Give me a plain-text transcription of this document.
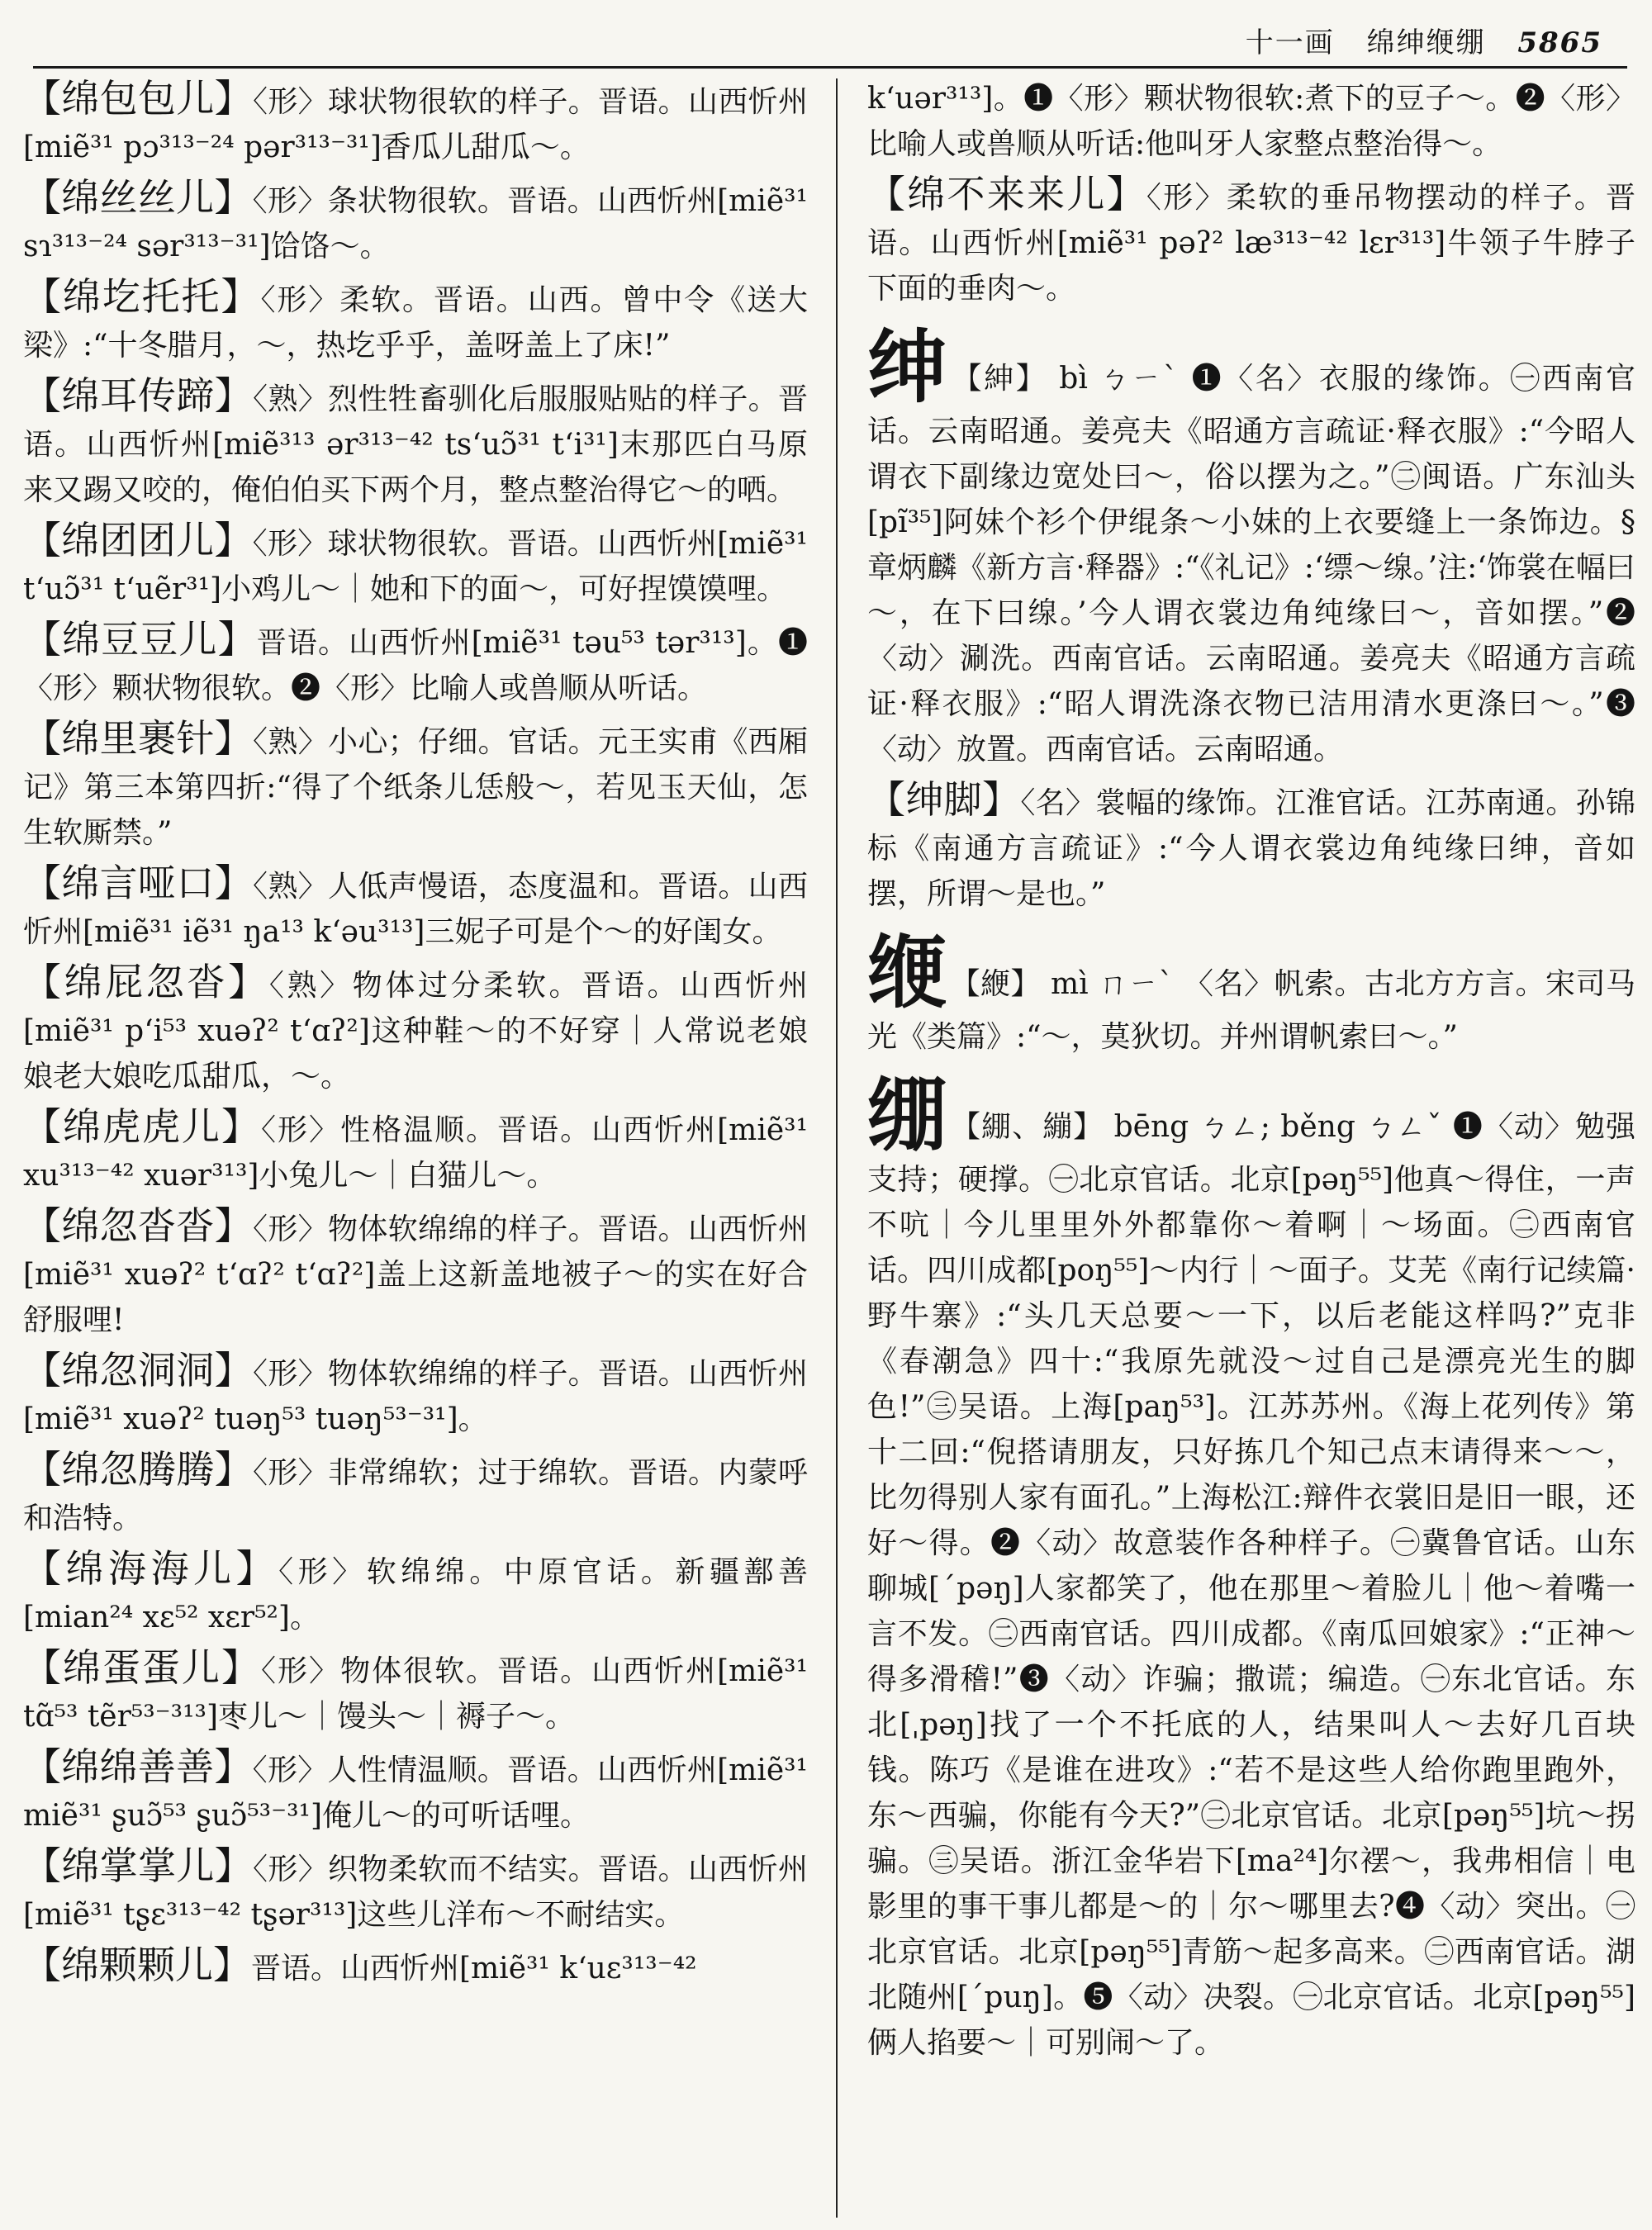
十一画 绵绅缏绷 5865

【绵包包儿】〈形〉球状物很软的样子。晋语。山西忻州[miẽ³¹ pɔ³¹³⁻²⁴ pər³¹³⁻³¹]香瓜儿甜瓜～。

【绵丝丝儿】〈形〉条状物很软。晋语。山西忻州[miẽ³¹ sɿ³¹³⁻²⁴ sər³¹³⁻³¹]饸饹～。

【绵圪托托】〈形〉柔软。晋语。山西。曾中令《送大梁》:“十冬腊月，～，热圪乎乎，盖呀盖上了床!”

【绵耳传蹄】〈熟〉烈性牲畜驯化后服服贴贴的样子。晋语。山西忻州[miẽ³¹³ ər³¹³⁻⁴² tsʻuɔ̃³¹ tʻi³¹]末那匹白马原来又踢又咬的，俺伯伯买下两个月，整点整治得它～的哂。

【绵团团儿】〈形〉球状物很软。晋语。山西忻州[miẽ³¹ tʻuɔ̃³¹ tʻuẽr³¹]小鸡儿～｜她和下的面～，可好捏馍馍哩。

【绵豆豆儿】晋语。山西忻州[miẽ³¹ təu⁵³ tər³¹³]。❶〈形〉颗状物很软。❷〈形〉比喻人或兽顺从听话。

【绵里裹针】〈熟〉小心；仔细。官话。元王实甫《西厢记》第三本第四折:“得了个纸条儿恁般～，若见玉天仙，怎生软厮禁。”

【绵言哑口】〈熟〉人低声慢语，态度温和。晋语。山西忻州[miẽ³¹ iẽ³¹ ŋa¹³ kʻəu³¹³]三妮子可是个～的好闺女。

【绵屁忽沓】〈熟〉物体过分柔软。晋语。山西忻州[miẽ³¹ pʻi⁵³ xuəʔ² tʻɑʔ²]这种鞋～的不好穿｜人常说老娘娘老大娘吃瓜甜瓜，～。

【绵虎虎儿】〈形〉性格温顺。晋语。山西忻州[miẽ³¹ xu³¹³⁻⁴² xuər³¹³]小兔儿～｜白猫儿～。

【绵忽沓沓】〈形〉物体软绵绵的样子。晋语。山西忻州[miẽ³¹ xuəʔ² tʻɑʔ² tʻɑʔ²]盖上这新盖地被子～的实在好合舒服哩!

【绵忽洞洞】〈形〉物体软绵绵的样子。晋语。山西忻州[miẽ³¹ xuəʔ² tuəŋ⁵³ tuəŋ⁵³⁻³¹]。

【绵忽腾腾】〈形〉非常绵软；过于绵软。晋语。内蒙呼和浩特。

【绵海海儿】〈形〉软绵绵。中原官话。新疆鄯善[mian²⁴ xɛ⁵² xɛr⁵²]。

【绵蛋蛋儿】〈形〉物体很软。晋语。山西忻州[miẽ³¹ tɑ̃⁵³ tẽr⁵³⁻³¹³]枣儿～｜馒头～｜褥子～。

【绵绵善善】〈形〉人性情温顺。晋语。山西忻州[miẽ³¹ miẽ³¹ ʂuɔ̃⁵³ ʂuɔ̃⁵³⁻³¹]俺儿～的可听话哩。

【绵掌掌儿】〈形〉织物柔软而不结实。晋语。山西忻州[miẽ³¹ tʂɛ³¹³⁻⁴² tʂər³¹³]这些儿洋布～不耐结实。

【绵颗颗儿】晋语。山西忻州[miẽ³¹ kʻuɛ³¹³⁻⁴²

kʻuər³¹³]。❶〈形〉颗状物很软:煮下的豆子～。❷〈形〉比喻人或兽顺从听话:他叫牙人家整点整治得～。

【绵不来来儿】〈形〉柔软的垂吊物摆动的样子。晋语。山西忻州[miẽ³¹ pəʔ² læ³¹³⁻⁴² lɛr³¹³]牛领子牛脖子下面的垂肉～。

绅 【紳】 bì ㄅㄧˋ ❶〈名〉衣服的缘饰。㊀西南官话。云南昭通。姜亮夫《昭通方言疏证·释衣服》:“今昭人谓衣下副缘边宽处曰～，俗以摆为之。”㊁闽语。广东汕头[pĩ³⁵]阿妹个衫个伊绲条～小妹的上衣要缝上一条饰边。§章炳麟《新方言·释器》:“《礼记》:‘缥～缐。’注:‘饰裳在幅曰～，在下曰缐。’今人谓衣裳边角纯缘曰～，音如摆。”❷〈动〉涮洗。西南官话。云南昭通。姜亮夫《昭通方言疏证·释衣服》:“昭人谓洗涤衣物已洁用清水更涤曰～。”❸〈动〉放置。西南官话。云南昭通。

【绅脚】〈名〉裳幅的缘饰。江淮官话。江苏南通。孙锦标《南通方言疏证》:“今人谓衣裳边角纯缘曰绅，音如摆，所谓～是也。”

缏 【緶】 mì ㄇㄧˋ 〈名〉帆索。古北方方言。宋司马光《类篇》:“～，莫狄切。并州谓帆索曰～。”

绷 【綳、繃】 bēng ㄅㄥ; běng ㄅㄥˇ ❶〈动〉勉强支持；硬撑。㊀北京官话。北京[pəŋ⁵⁵]他真～得住，一声不吭｜今儿里里外外都靠你～着啊｜～场面。㊁西南官话。四川成都[poŋ⁵⁵]～内行｜～面子。艾芜《南行记续篇·野牛寨》:“头几天总要～一下，以后老能这样吗?”克非《春潮急》四十:“我原先就没～过自己是漂亮光生的脚色!”㊂吴语。上海[paŋ⁵³]。江苏苏州。《海上花列传》第十二回:“倪搭请朋友，只好拣几个知己点末请得来～～，比勿得别人家有面孔。”上海松江:辩件衣裳旧是旧一眼，还好～得。❷〈动〉故意装作各种样子。㊀冀鲁官话。山东聊城[ˊpəŋ]人家都笑了，他在那里～着脸儿｜他～着嘴一言不发。㊁西南官话。四川成都。《南瓜回娘家》:“正神～得多滑稽!”❸〈动〉诈骗；撒谎；编造。㊀东北官话。东北[ˌpəŋ]找了一个不托底的人，结果叫人～去好几百块钱。陈巧《是谁在进攻》:“若不是这些人给你跑里跑外，东～西骗，你能有今天?”㊁北京官话。北京[pəŋ⁵⁵]坑～拐骗。㊂吴语。浙江金华岩下[ma²⁴]尔䙓～，我弗相信｜电影里的事干事儿都是～的｜尔～哪里去?❹〈动〉突出。㊀北京官话。北京[pəŋ⁵⁵]青筋～起多高来。㊁西南官话。湖北随州[ˊpuŋ]。❺〈动〉决裂。㊀北京官话。北京[pəŋ⁵⁵]俩人掐要～｜可别闹～了。
